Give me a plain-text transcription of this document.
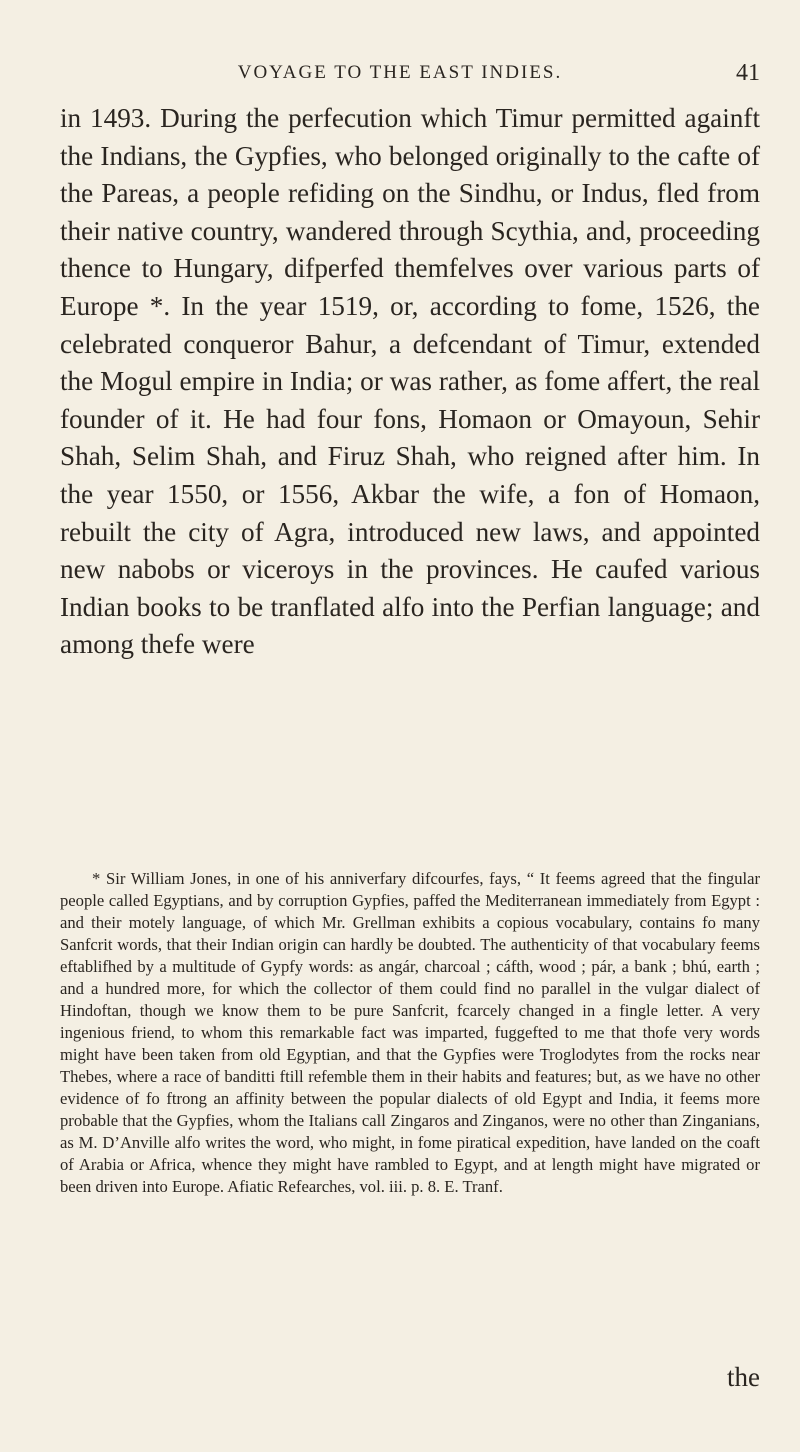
VOYAGE TO THE EAST INDIES.	41

in 1493. During the perfecution which Timur permitted againft the Indians, the Gypfies, who belonged originally to the cafte of the Pareas, a people refiding on the Sindhu, or Indus, fled from their native country, wandered through Scythia, and, proceeding thence to Hungary, difperfed themfelves over various parts of Europe *. In the year 1519, or, according to fome, 1526, the celebrated conqueror Bahur, a defcendant of Timur, extended the Mogul empire in India; or was rather, as fome affert, the real founder of it. He had four fons, Homaon or Omayoun, Sehir Shah, Selim Shah, and Firuz Shah, who reigned after him. In the year 1550, or 1556, Akbar the wife, a fon of Homaon, rebuilt the city of Agra, introduced new laws, and appointed new nabobs or viceroys in the provinces. He caufed various Indian books to be tranflated alfo into the Perfian language; and among thefe were

* Sir William Jones, in one of his anniverfary difcourfes, fays, “ It feems agreed that the fingular people called Egyptians, and by corruption Gypfies, paffed the Mediterranean immediately from Egypt : and their motely language, of which Mr. Grellman exhibits a copious vocabulary, contains fo many Sanfcrit words, that their Indian origin can hardly be doubted. The authenticity of that vocabulary feems eftablifhed by a multitude of Gypfy words: as angár, charcoal ; cáfth, wood ; pár, a bank ; bhú, earth ; and a hundred more, for which the collector of them could find no parallel in the vulgar dialect of Hindoftan, though we know them to be pure Sanfcrit, fcarcely changed in a fingle letter. A very ingenious friend, to whom this remarkable fact was imparted, fuggefted to me that thofe very words might have been taken from old Egyptian, and that the Gypfies were Troglodytes from the rocks near Thebes, where a race of banditti ftill refemble them in their habits and features; but, as we have no other evidence of fo ftrong an affinity between the popular dialects of old Egypt and India, it feems more probable that the Gypfies, whom the Italians call Zingaros and Zinganos, were no other than Zinganians, as M. D’Anville alfo writes the word, who might, in fome piratical expedition, have landed on the coaft of Arabia or Africa, whence they might have rambled to Egypt, and at length might have migrated or been driven into Europe. Afiatic Refearches, vol. iii. p. 8. E. Tranf.

the
